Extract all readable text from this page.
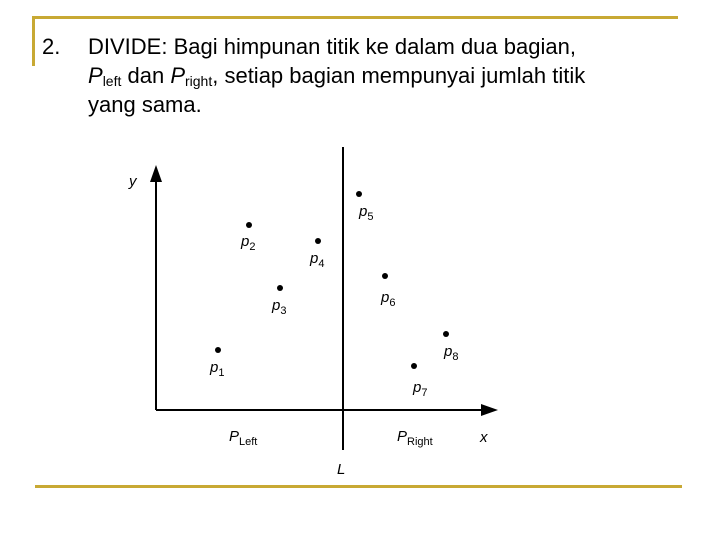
2. DIVIDE: Bagi himpunan titik ke dalam dua bagian,
$P_{left}$ dan $P_{right}$, setiap bagian mempunyai jumlah titik
yang sama.
y
x
L
$P_{Left}$	$P_{Right}$
$p_1$
$p_2$
$p_3$
$p_4$
$p_5$
$p_6$
$p_7$
$p_8$
